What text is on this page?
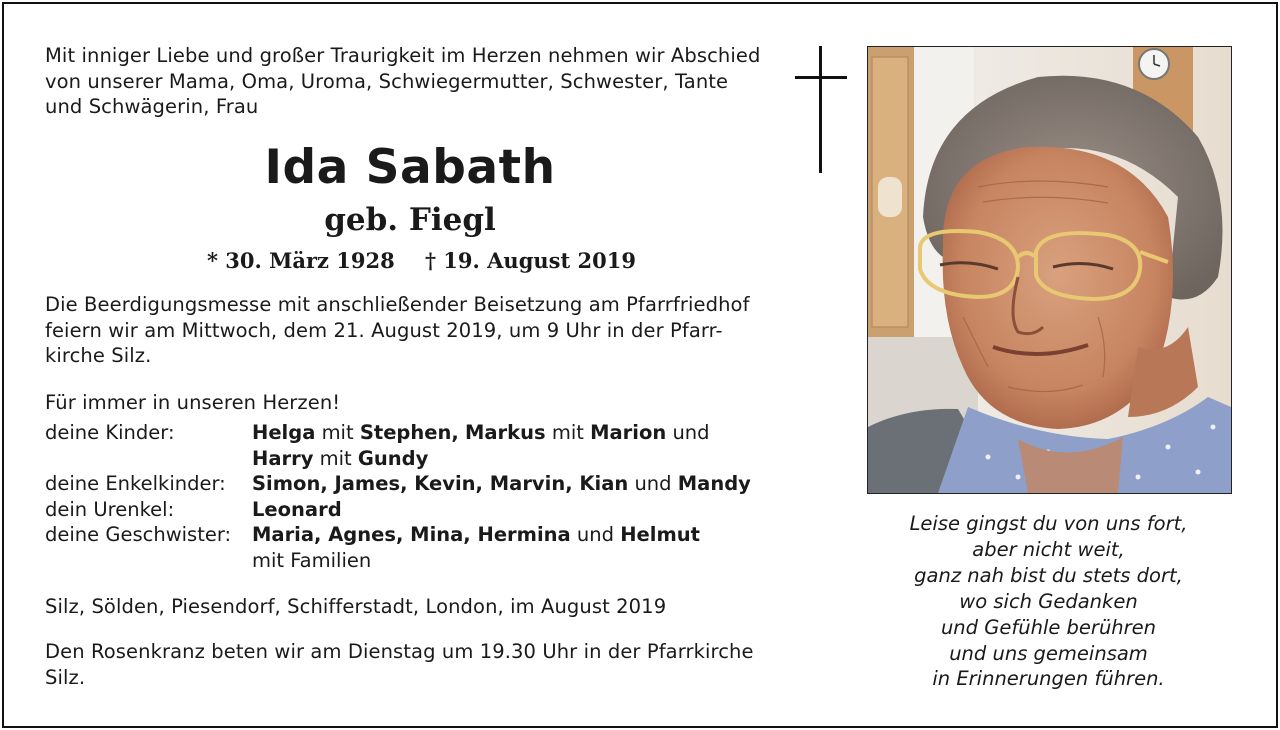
Mit inniger Liebe und großer Traurigkeit im Herzen nehmen wir Abschied
von unserer Mama, Oma, Uroma, Schwiegermutter, Schwester, Tante
und Schwägerin, Frau
Ida Sabath
geb. Fiegl
* 30. März 1928 † 19. August 2019
Die Beerdigungsmesse mit anschließender Beisetzung am Pfarrfriedhof
feiern wir am Mittwoch, dem 21. August 2019, um 9 Uhr in der Pfarr-
kirche Silz.
Für immer in unseren Herzen!
deine Kinder:	Helga mit Stephen, Markus mit Marion und
Harry mit Gundy
deine Enkelkinder:	Simon, James, Kevin, Marvin, Kian und Mandy
dein Urenkel:	Leonard
deine Geschwister:	Maria, Agnes, Mina, Hermina und Helmut
mit Familien
Silz, Sölden, Piesendorf, Schifferstadt, London, im August 2019
Den Rosenkranz beten wir am Dienstag um 19.30 Uhr in der Pfarrkirche
Silz.
Leise gingst du von uns fort,
aber nicht weit,
ganz nah bist du stets dort,
wo sich Gedanken
und Gefühle berühren
und uns gemeinsam
in Erinnerungen führen.
